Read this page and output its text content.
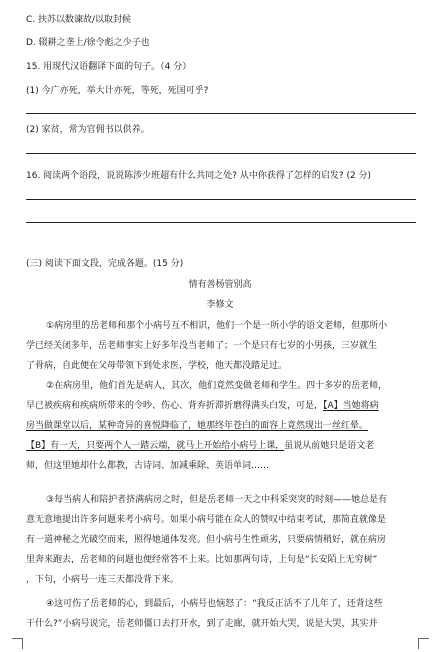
C. 扶苏以数谏故/以取封候
D. 辍耕之垄上/徐令彪之少子也
15. 用现代汉语翻译下面的句子。（4 分）
(1) 今广亦死，举大计亦死，等死，死国可乎?
(2) 家贫，常为官佣书以供养。
16. 阅读两个语段，说说陈涉少班超有什么共同之处? 从中你获得了怎样的启发? (2 分)
(三) 阅读下面文段，完成各题。(15 分)
情有善杨管别高
李修文
①病房里的岳老师和那个小病号互不相识，他们一个是一所小学的语文老师，但那所小
学已经关闭多年，岳老师事实上好多年没当老师了；一个是只有七岁的小男孩，三岁就生
了骨病，自此便在父母带领下到处求医，学校，他天都没踏足过。
②在病房里，他们首先是病人，其次，他们竟然变做老师和学生。四十多岁的岳老师，
早已被疾病和疾病所带来的令吵、伤心、背弃折滞折磨得满头白发，可是，【A】当她将病
房当做课堂以后，某种奇异的喜悦降临了，她那终年苍白的面容上竟然现出一丝红晕。
【B】有一天，只要两个人一踏云端，就马上开始给小病号上课，虽说从前她只是语文老
师，但这里她却什么都教，古诗词、加减乘除、英语单词……
③每当病人和陪护者挤满病房之时，但是岳老师一天之中科采突突的时刻——她总是有
意无意地提出许多问题来考小病号。如果小病号能在众人的赞叹中结束考试，那简直就像是
有一道神秘之光破空而来，照得她通体发亮。但小病号生性顽劣，只要病情稍好，就在病房
里奔来跑去，岳老师的问题也便经常答不上来。比如那两句诗，上句是“长安陌上无穷树”
，下句，小病号一连三天都没背下来。
④这可伤了岳老师的心，到最后，小病号也恼怒了：“我反正活不了几年了，还背这些
干什么?”小病号说完，岳老师僵口去打开水，到了走廊，就开始大哭，说是大哭，其实并
